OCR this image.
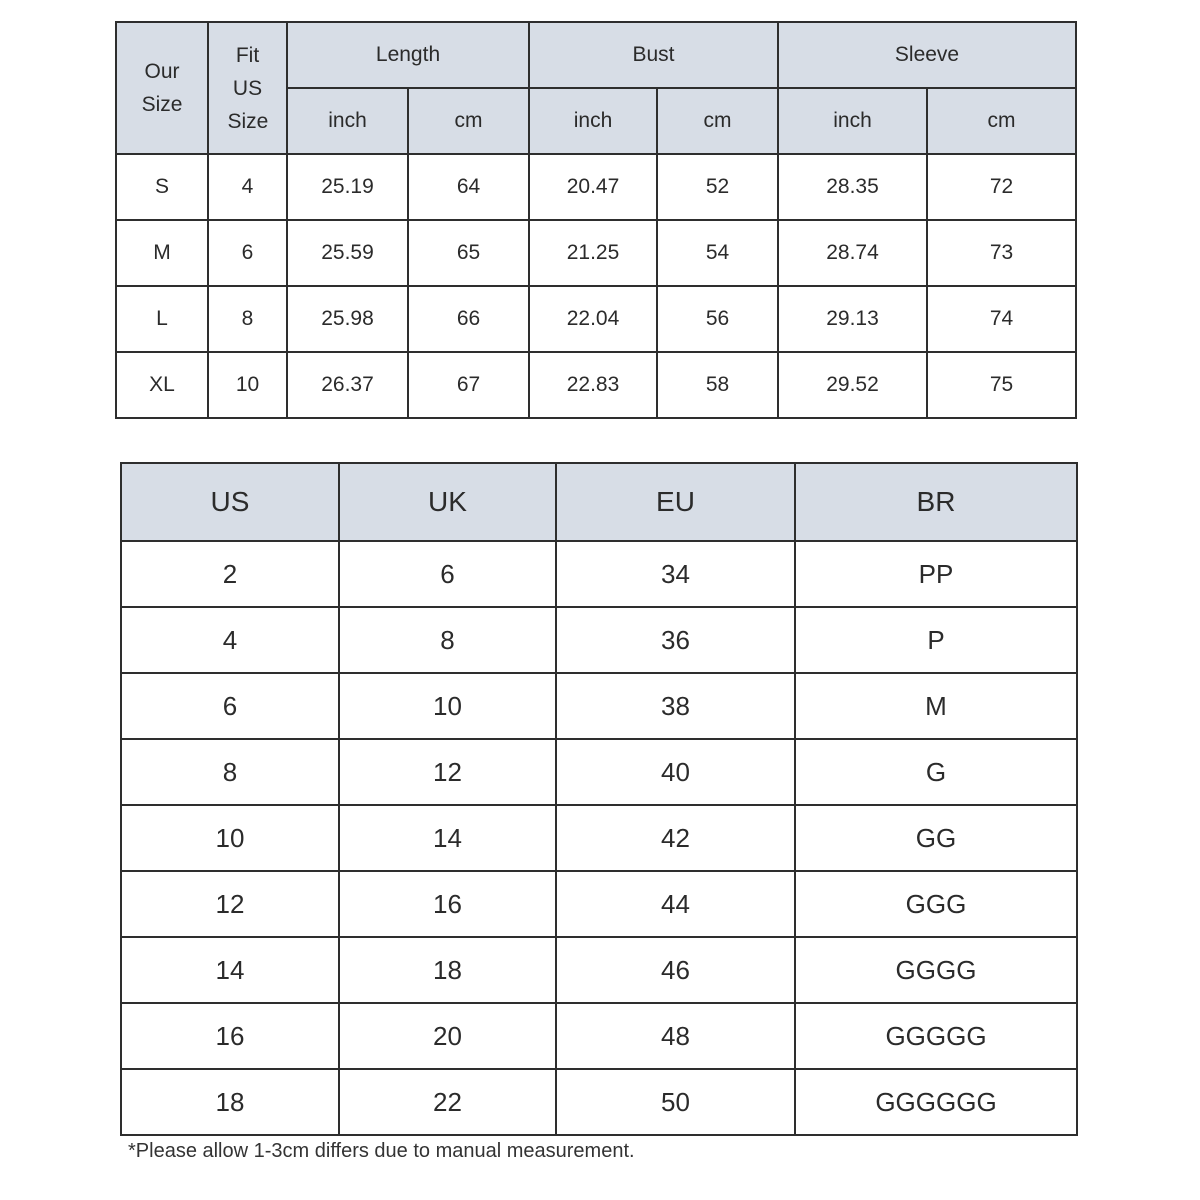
Our Size	Fit US Size	Length		Bust		Sleeve	
		inch	cm	inch	cm	inch	cm
S	4	25.19	64	20.47	52	28.35	72
M	6	25.59	65	21.25	54	28.74	73
L	8	25.98	66	22.04	56	29.13	74
XL	10	26.37	67	22.83	58	29.52	75
US	UK	EU	BR
2	6	34	PP
4	8	36	P
6	10	38	M
8	12	40	G
10	14	42	GG
12	16	44	GGG
14	18	46	GGGG
16	20	48	GGGGG
18	22	50	GGGGGG
*Please allow 1-3cm differs due to manual measurement.
